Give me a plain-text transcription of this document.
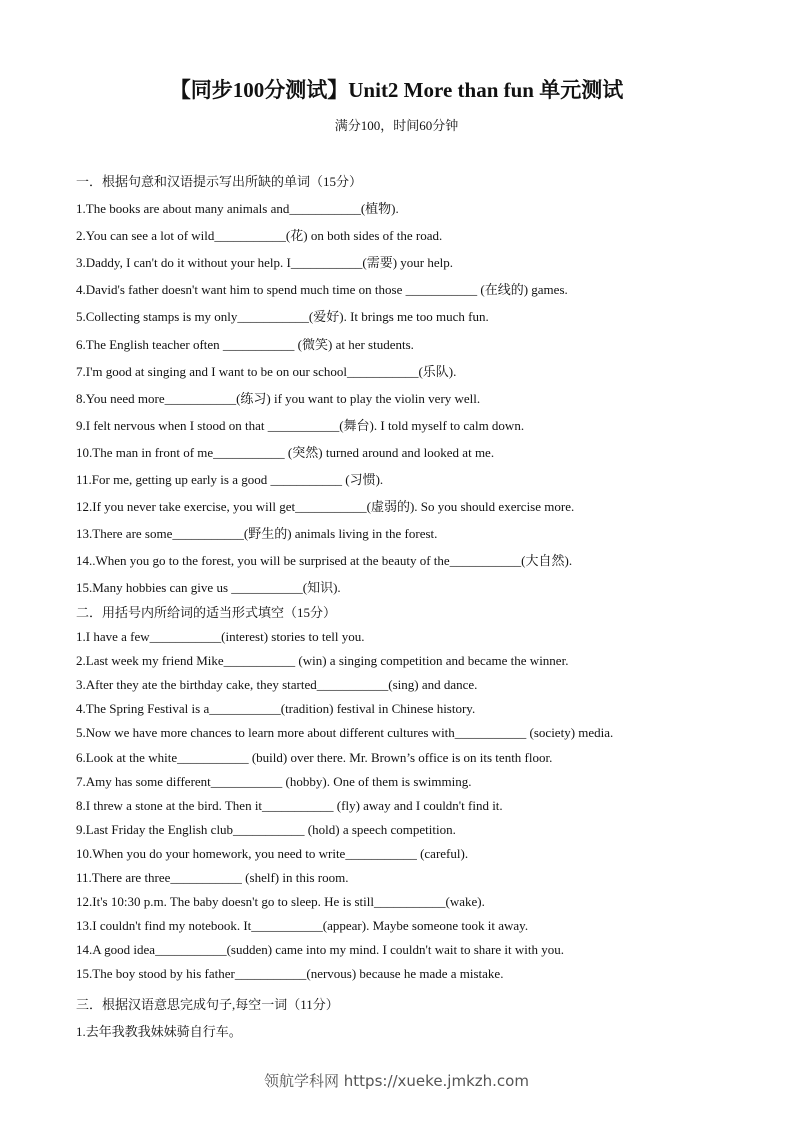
【同步100分测试】Unit2 More than fun 单元测试
满分100，时间60分钟

一．根据句意和汉语提示写出所缺的单词（15分）

1.The books are about many animals and___________(植物).

2.You can see a lot of wild___________(花) on both sides of the road.

3.Daddy, I can't do it without your help. I___________(需要) your help.

4.David's father doesn't want him to spend much time on those ___________ (在线的) games.

5.Collecting stamps is my only___________(爱好). It brings me too much fun.

6.The English teacher often ___________ (微笑) at her students.

7.I'm good at singing and I want to be on our school___________(乐队).

8.You need more___________(练习) if you want to play the violin very well.

9.I felt nervous when I stood on that ___________(舞台). I told myself to calm down.

10.The man in front of me___________ (突然) turned around and looked at me.

11.For me, getting up early is a good ___________ (习惯).

12.If you never take exercise, you will get___________(虚弱的). So you should exercise more.

13.There are some___________(野生的) animals living in the forest.

14..When you go to the forest, you will be surprised at the beauty of the___________(大自然).

15.Many hobbies can give us ___________(知识).

二．用括号内所给词的适当形式填空（15分）

1.I have a few___________(interest) stories to tell you.

2.Last week my friend Mike___________ (win) a singing competition and became the winner.

3.After they ate the birthday cake, they started___________(sing) and dance.

4.The Spring Festival is a___________(tradition) festival in Chinese history.

5.Now we have more chances to learn more about different cultures with___________ (society) media.

6.Look at the white___________ (build) over there. Mr. Brown’s office is on its tenth floor.

7.Amy has some different___________ (hobby). One of them is swimming.

8.I threw a stone at the bird. Then it___________ (fly) away and I couldn't find it.

9.Last Friday the English club___________ (hold) a speech competition.

10.When you do your homework, you need to write___________ (careful).

11.There are three___________ (shelf) in this room.

12.It's 10:30 p.m. The baby doesn't go to sleep. He is still___________(wake).

13.I couldn't find my notebook. It___________(appear). Maybe someone took it away.

14.A good idea___________(sudden) came into my mind. I couldn't wait to share it with you.

15.The boy stood by his father___________(nervous) because he made a mistake.

三．根据汉语意思完成句子,每空一词（11分）

1.去年我教我妹妹骑自行车。

领航学科网 https://xueke.jmkzh.com
